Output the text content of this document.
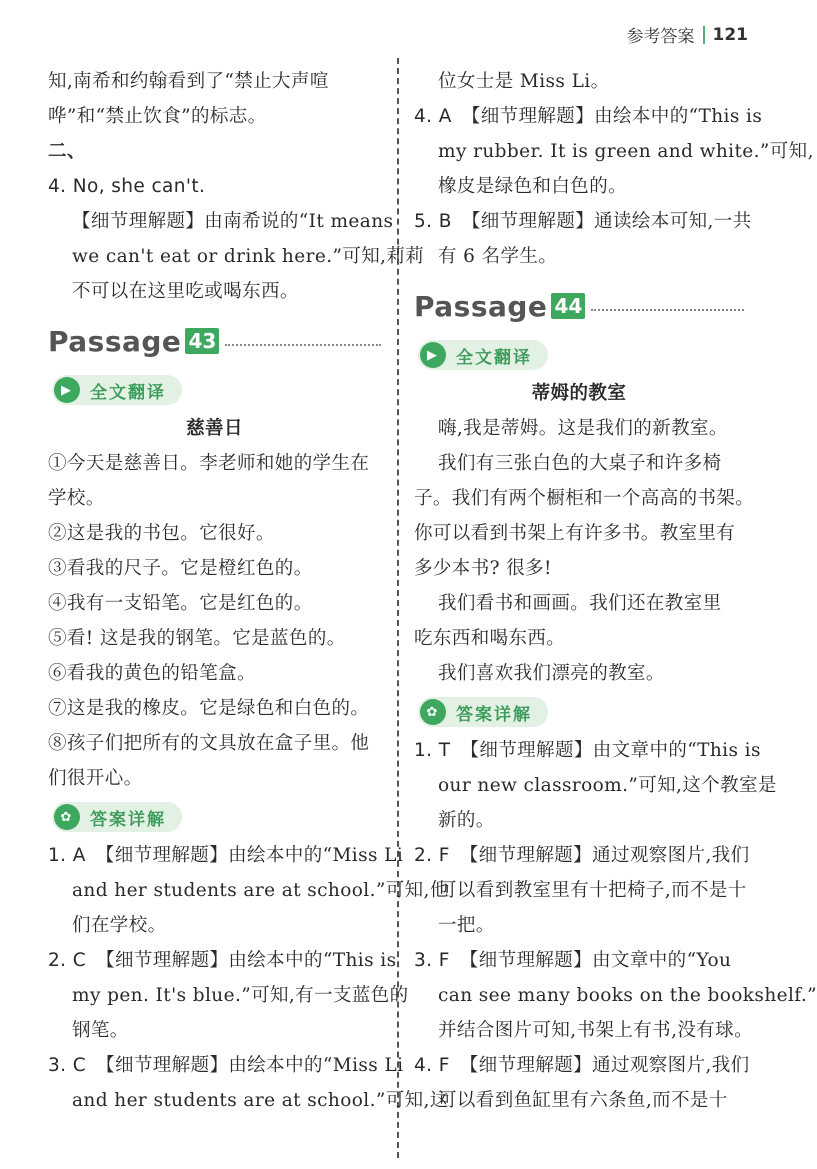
参考答案 121
知,南希和约翰看到了“禁止大声喧
哗”和“禁止饮食”的标志。
二、
4.
No, she can't.
【细节理解题】由南希说的“It means
we can't eat or drink here.”可知,莉莉
不可以在这里吃或喝东西。
Passage 43
▶	全文翻译
慈善日
①今天是慈善日。李老师和她的学生在
学校。
②这是我的书包。它很好。
③看我的尺子。它是橙红色的。
④我有一支铅笔。它是红色的。
⑤看! 这是我的钢笔。它是蓝色的。
⑥看我的黄色的铅笔盒。
⑦这是我的橡皮。它是绿色和白色的。
⑧孩子们把所有的文具放在盒子里。他
们很开心。
✿ 答案详解
1.
A 【细节理解题】由绘本中的“Miss Li
and her students are at school.”可知,他
们在学校。
2.
C 【细节理解题】由绘本中的“This is
my pen. It's blue.”可知,有一支蓝色的
钢笔。
3.
C 【细节理解题】由绘本中的“Miss Li
and her students are at school.”可知,这
位女士是 Miss Li。
4.
A 【细节理解题】由绘本中的“This is
my rubber. It is green and white.”可知,
橡皮是绿色和白色的。
5.
B 【细节理解题】通读绘本可知,一共
有 6 名学生。
Passage 44
▶	全文翻译
蒂姆的教室
嗨,我是蒂姆。这是我们的新教室。
我们有三张白色的大桌子和许多椅
子。我们有两个橱柜和一个高高的书架。
你可以看到书架上有许多书。教室里有
多少本书? 很多!
我们看书和画画。我们还在教室里
吃东西和喝东西。
我们喜欢我们漂亮的教室。
✿ 答案详解
1.
T 【细节理解题】由文章中的“This is
our new classroom.”可知,这个教室是
新的。
2.
F 【细节理解题】通过观察图片,我们
可以看到教室里有十把椅子,而不是十
一把。
3.
F 【细节理解题】由文章中的“You
can see many books on the bookshelf.”
并结合图片可知,书架上有书,没有球。
4.
F 【细节理解题】通过观察图片,我们
可以看到鱼缸里有六条鱼,而不是十
